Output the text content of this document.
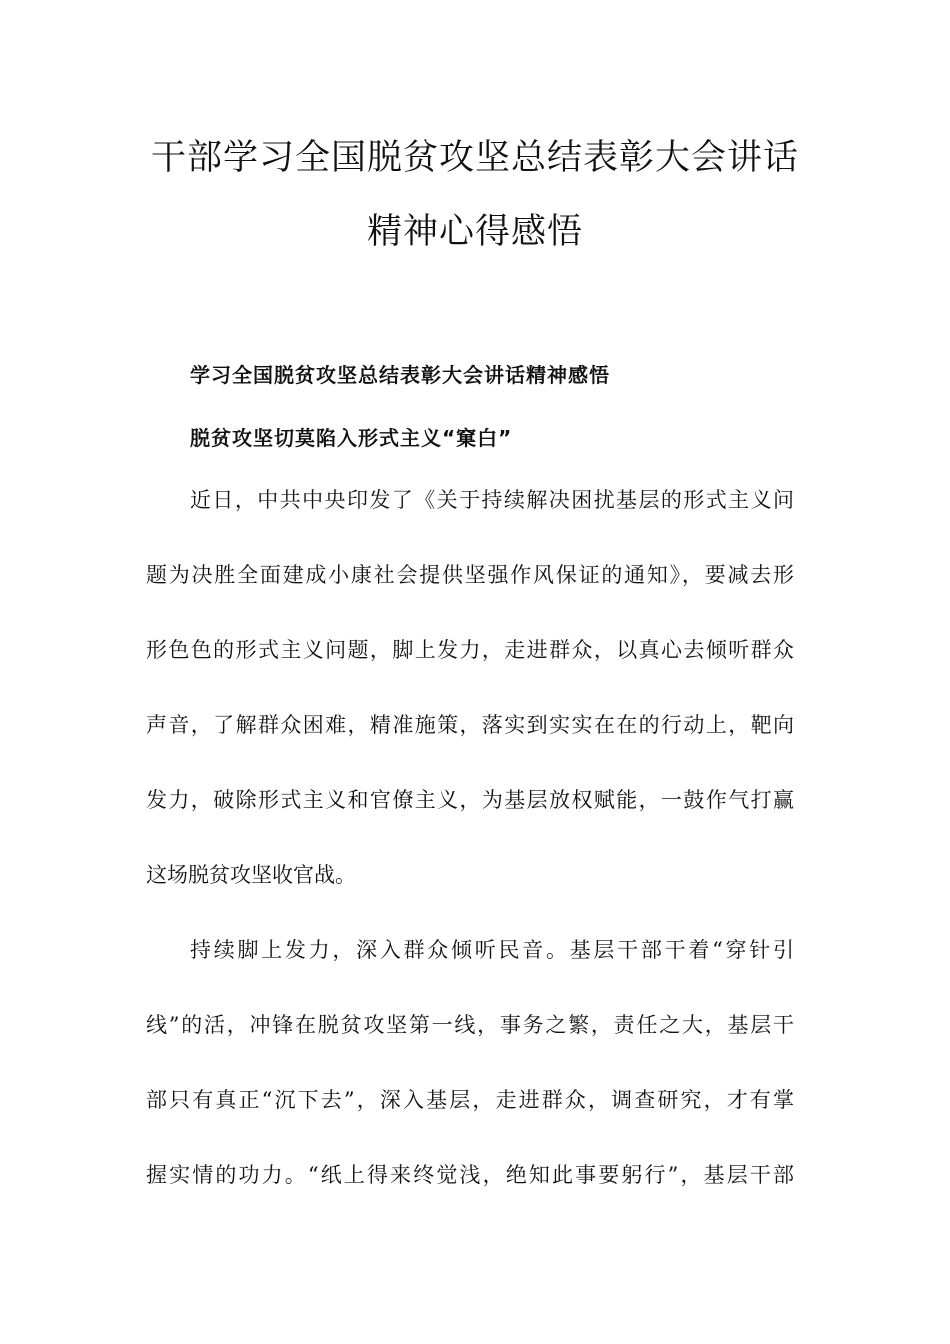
干部学习全国脱贫攻坚总结表彰大会讲话
精神心得感悟
学习全国脱贫攻坚总结表彰大会讲话精神感悟
脱贫攻坚切莫陷入形式主义“窠白”
近日，中共中央印发了《关于持续解决困扰基层的形式主义问
题为决胜全面建成小康社会提供坚强作风保证的通知》，要减去形
形色色的形式主义问题，脚上发力，走进群众，以真心去倾听群众
声音，了解群众困难，精准施策，落实到实实在在的行动上，靶向
发力，破除形式主义和官僚主义，为基层放权赋能，一鼓作气打赢
这场脱贫攻坚收官战。
持续脚上发力，深入群众倾听民音。基层干部干着“穿针引
线”的活，冲锋在脱贫攻坚第一线，事务之繁，责任之大，基层干
部只有真正“沉下去”，深入基层，走进群众，调查研究，才有掌
握实情的功力。“纸上得来终觉浅，绝知此事要躬行”，基层干部
